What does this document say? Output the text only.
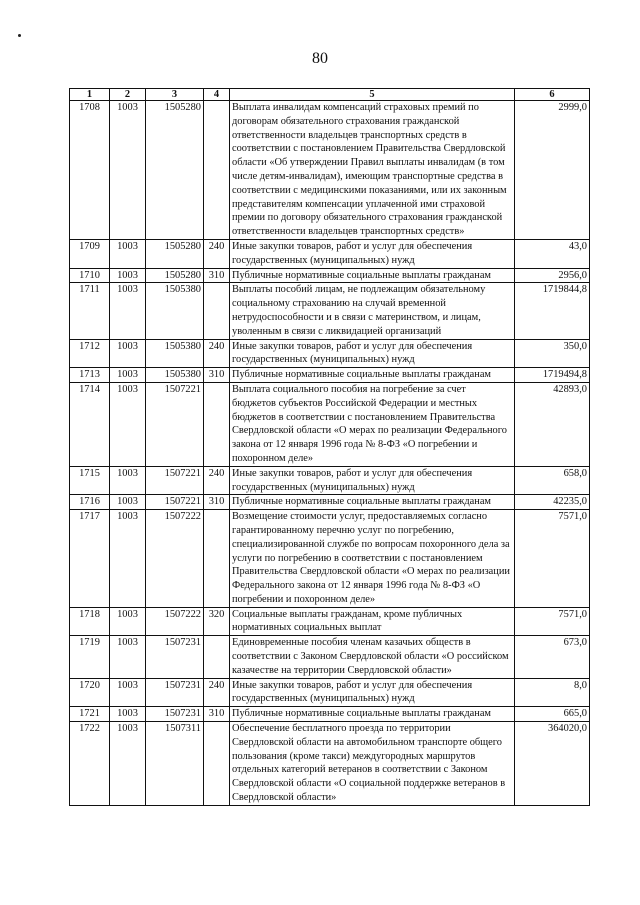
80
1	2	3	4	5	6
1708	1003	1505280		Выплата инвалидам компенсаций страховых премий по договорам обязательного страхования гражданской ответственности владельцев транспортных средств в соответствии с постановлением Правительства Свердловской области «Об утверждении Правил выплаты инвалидам (в том числе детям-инвалидам), имеющим транспортные средства в соответствии с медицинскими показаниями, или их законным представителям компенсации уплаченной ими страховой премии по договору обязательного страхования гражданской ответственности владельцев транспортных средств»	2999,0
1709	1003	1505280	240	Иные закупки товаров, работ и услуг для обеспечения государственных (муниципальных) нужд	43,0
1710	1003	1505280	310	Публичные нормативные социальные выплаты гражданам	2956,0
1711	1003	1505380		Выплаты пособий лицам, не подлежащим обязательному социальному страхованию на случай временной нетрудоспособности и в связи с материнством, и лицам, уволенным в связи с ликвидацией организаций	1719844,8
1712	1003	1505380	240	Иные закупки товаров, работ и услуг для обеспечения государственных (муниципальных) нужд	350,0
1713	1003	1505380	310	Публичные нормативные социальные выплаты гражданам	1719494,8
1714	1003	1507221		Выплата социального пособия на погребение за счет бюджетов субъектов Российской Федерации и местных бюджетов в соответствии с постановлением Правительства Свердловской области «О мерах по реализации Федерального закона от 12 января 1996 года № 8-ФЗ «О погребении и похоронном деле»	42893,0
1715	1003	1507221	240	Иные закупки товаров, работ и услуг для обеспечения государственных (муниципальных) нужд	658,0
1716	1003	1507221	310	Публичные нормативные социальные выплаты гражданам	42235,0
1717	1003	1507222		Возмещение стоимости услуг, предоставляемых согласно гарантированному перечню услуг по погребению, специализированной службе по вопросам похоронного дела за услуги по погребению в соответствии с постановлением Правительства Свердловской области «О мерах по реализации Федерального закона от 12 января 1996 года № 8-ФЗ «О погребении и похоронном деле»	7571,0
1718	1003	1507222	320	Социальные выплаты гражданам, кроме публичных нормативных социальных выплат	7571,0
1719	1003	1507231		Единовременные пособия членам казачьих обществ в соответствии с Законом Свердловской области «О российском казачестве на территории Свердловской области»	673,0
1720	1003	1507231	240	Иные закупки товаров, работ и услуг для обеспечения государственных (муниципальных) нужд	8,0
1721	1003	1507231	310	Публичные нормативные социальные выплаты гражданам	665,0
1722	1003	1507311		Обеспечение бесплатного проезда по территории Свердловской области на автомобильном транспорте общего пользования (кроме такси) междугородных маршрутов отдельных категорий ветеранов в соответствии с Законом Свердловской области «О социальной поддержке ветеранов в Свердловской области»	364020,0
